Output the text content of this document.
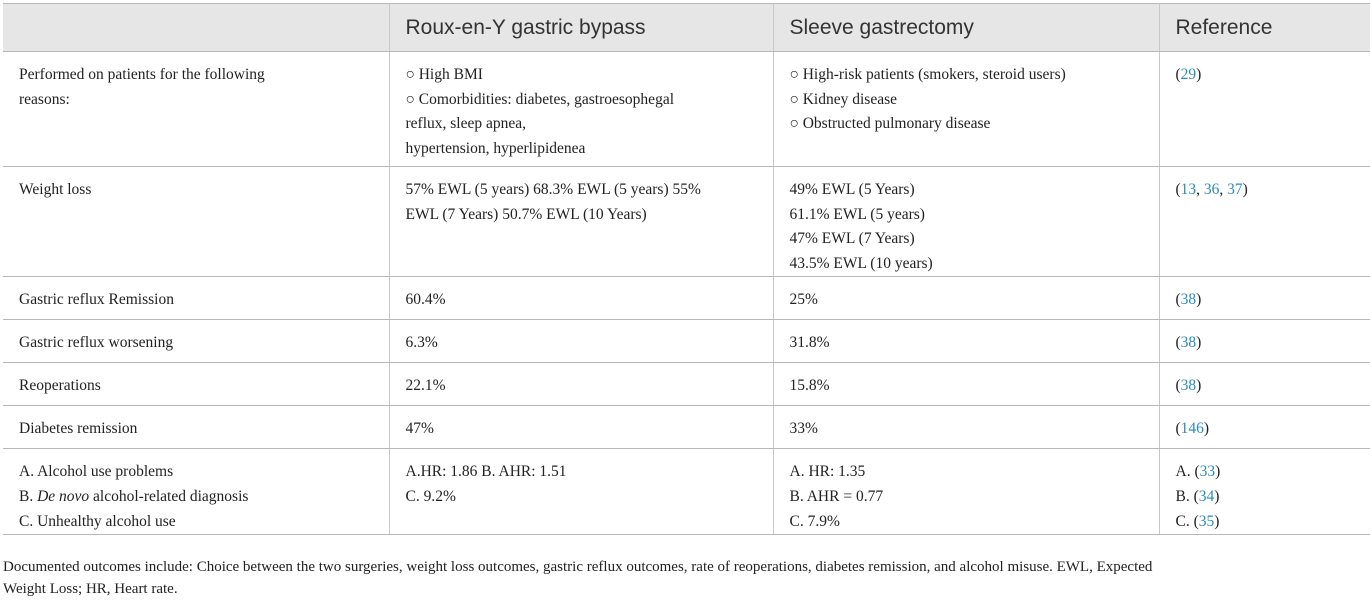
	Roux-en-Y gastric bypass	Sleeve gastrectomy	Reference

Performed on patients for the following
reasons:	○ High BMI
○ Comorbidities: diabetes, gastroesophegal
reflux, sleep apnea,
hypertension, hyperlipidenea	○ High-risk patients (smokers, steroid users)
○ Kidney disease
○ Obstructed pulmonary disease	(29)

Weight loss	57% EWL (5 years) 68.3% EWL (5 years) 55%
EWL (7 Years) 50.7% EWL (10 Years)	49% EWL (5 Years)
61.1% EWL (5 years)
47% EWL (7 Years)
43.5% EWL (10 years)	(13, 36, 37)

Gastric reflux Remission	60.4%	25%	(38)

Gastric reflux worsening	6.3%	31.8%	(38)

Reoperations	22.1%	15.8%	(38)

Diabetes remission	47%	33%	(146)

A. Alcohol use problems
B. De novo alcohol-related diagnosis
C. Unhealthy alcohol use	A.HR: 1.86 B. AHR: 1.51
C. 9.2%	A. HR: 1.35
B. AHR = 0.77
C. 7.9%	A. (33)
B. (34)
C. (35)
Documented outcomes include: Choice between the two surgeries, weight loss outcomes, gastric reflux outcomes, rate of reoperations, diabetes remission, and alcohol misuse. EWL, Expected
Weight Loss; HR, Heart rate.
